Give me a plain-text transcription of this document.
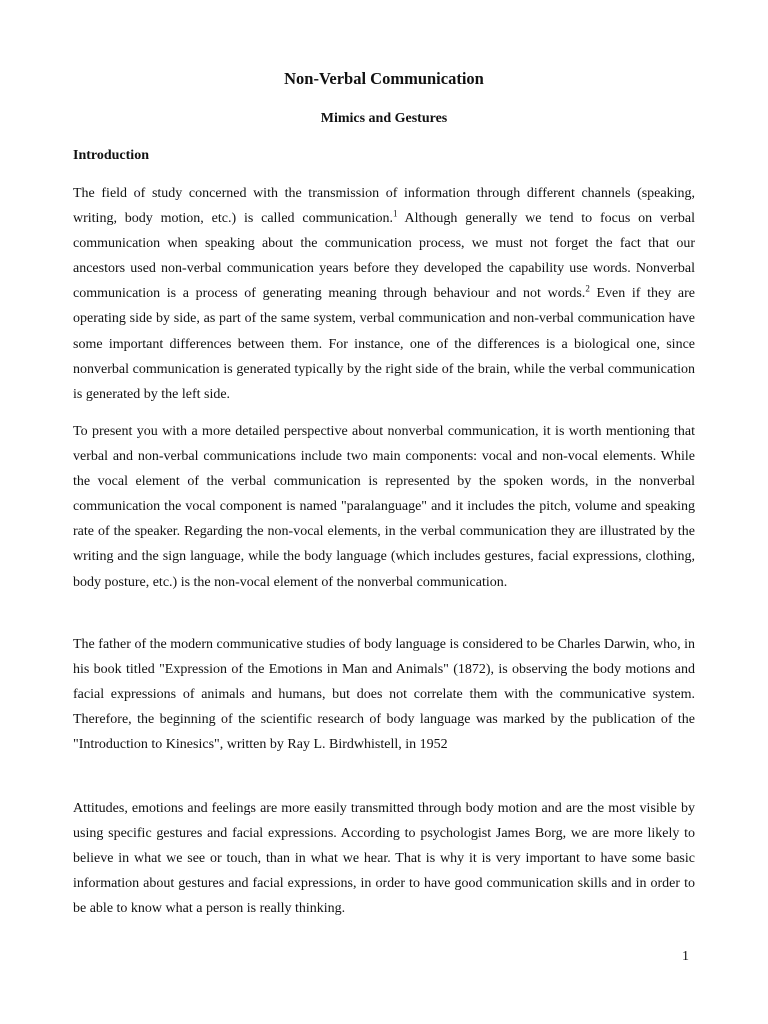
Non-Verbal Communication
Mimics and Gestures
Introduction

The field of study concerned with the transmission of information through different channels (speaking, writing, body motion, etc.) is called communication.$^1$ Although generally we tend to focus on verbal communication when speaking about the communication process, we must not forget the fact that our ancestors used non-verbal communication years before they developed the capability use words. Nonverbal communication is a process of generating meaning through behaviour and not words.$^2$ Even if they are operating side by side, as part of the same system, verbal communication and non-verbal communication have some important differences between them. For instance, one of the differences is a biological one, since nonverbal communication is generated typically by the right side of the brain, while the verbal communication is generated by the left side.

To present you with a more detailed perspective about nonverbal communication, it is worth mentioning that verbal and non-verbal communications include two main components: vocal and non-vocal elements. While the vocal element of the verbal communication is represented by the spoken words, in the nonverbal communication the vocal component is named "paralanguage" and it includes the pitch, volume and speaking rate of the speaker. Regarding the non-vocal elements, in the verbal communication they are illustrated by the writing and the sign language, while the body language (which includes gestures, facial expressions, clothing, body posture, etc.) is the non-vocal element of the nonverbal communication.

The father of the modern communicative studies of body language is considered to be Charles Darwin, who, in his book titled "Expression of the Emotions in Man and Animals" (1872), is observing the body motions and facial expressions of animals and humans, but does not correlate them with the communicative system. Therefore, the beginning of the scientific research of body language was marked by the publication of the "Introduction to Kinesics", written by Ray L. Birdwhistell, in 1952

Attitudes, emotions and feelings are more easily transmitted through body motion and are the most visible by using specific gestures and facial expressions. According to psychologist James Borg, we are more likely to believe in what we see or touch, than in what we hear. That is why it is very important to have some basic information about gestures and facial expressions, in order to have good communication skills and in order to be able to know what a person is really thinking.

1
